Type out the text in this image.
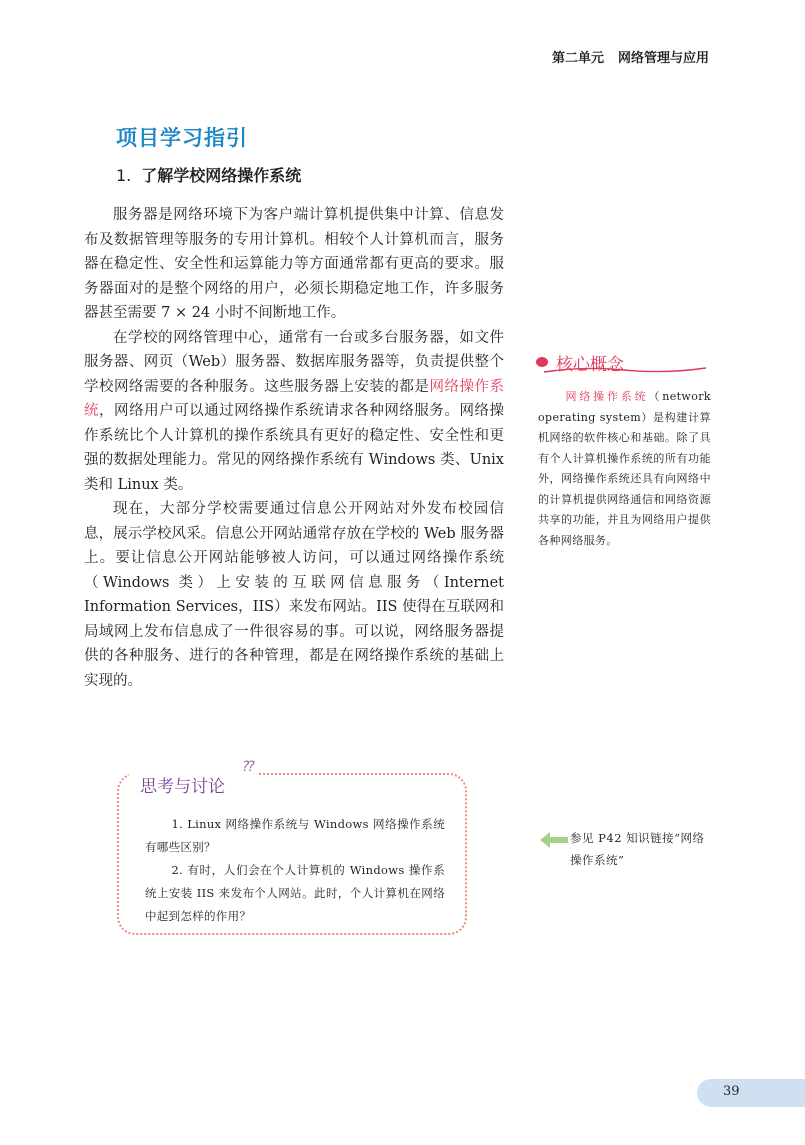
第二单元 网络管理与应用
项目学习指引
1. 了解学校网络操作系统

服务器是网络环境下为客户端计算机提供集中计算、信息发布及数据管理等服务的专用计算机。相较个人计算机而言，服务器在稳定性、安全性和运算能力等方面通常都有更高的要求。服务器面对的是整个网络的用户，必须长期稳定地工作，许多服务器甚至需要 7 × 24 小时不间断地工作。

在学校的网络管理中心，通常有一台或多台服务器，如文件服务器、网页（Web）服务器、数据库服务器等，负责提供整个学校网络需要的各种服务。这些服务器上安装的都是网络操作系统，网络用户可以通过网络操作系统请求各种网络服务。网络操作系统比个人计算机的操作系统具有更好的稳定性、安全性和更强的数据处理能力。常见的网络操作系统有 Windows 类、Unix 类和 Linux 类。

现在，大部分学校需要通过信息公开网站对外发布校园信息，展示学校风采。信息公开网站通常存放在学校的 Web 服务器上。要让信息公开网站能够被人访问，可以通过网络操作系统（Windows 类）上安装的互联网信息服务（Internet Information Services，IIS）来发布网站。IIS 使得在互联网和局域网上发布信息成了一件很容易的事。可以说，网络服务器提供的各种服务、进行的各种管理，都是在网络操作系统的基础上实现的。

核心概念

网络操作系统（network operating system）是构建计算机网络的软件核心和基础。除了具有个人计算机操作系统的所有功能外，网络操作系统还具有向网络中的计算机提供网络通信和网络资源共享的功能，并且为网络用户提供各种网络服务。

思考与讨论
??

1. Linux 网络操作系统与 Windows 网络操作系统有哪些区别？

2. 有时，人们会在个人计算机的 Windows 操作系统上安装 IIS 来发布个人网站。此时，个人计算机在网络中起到怎样的作用？

参见 P42 知识链接“网络操作系统”
39
